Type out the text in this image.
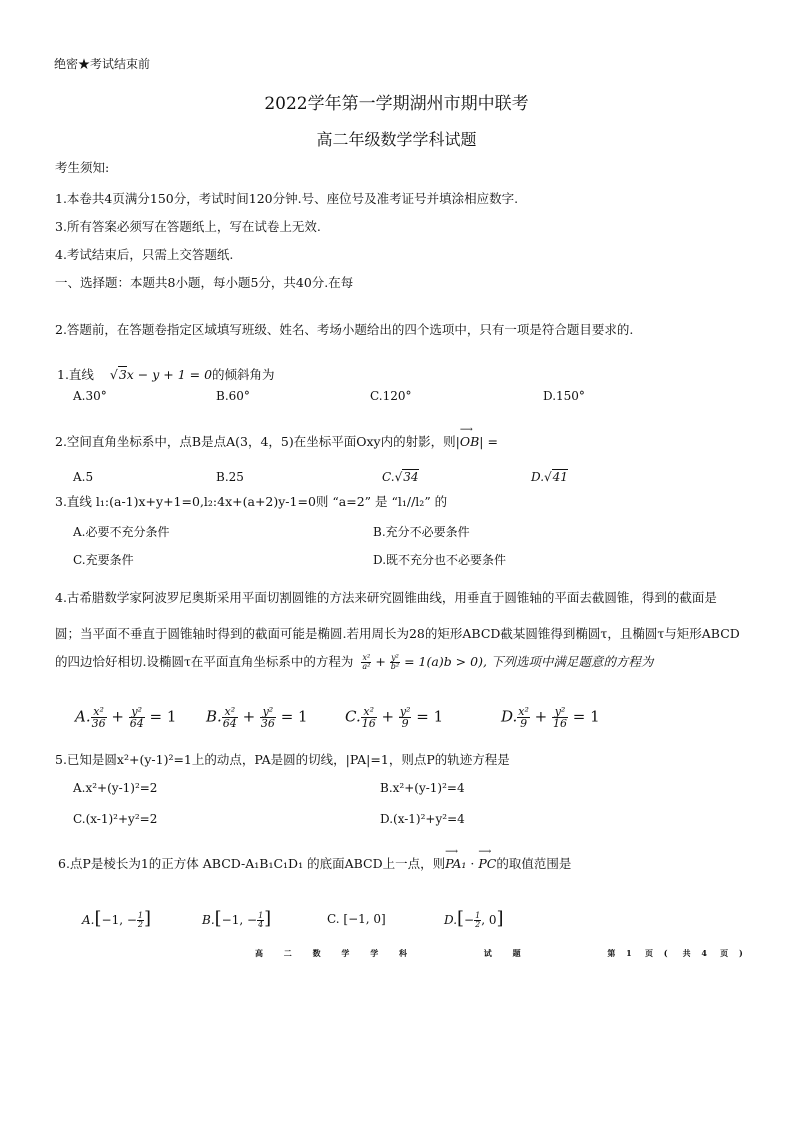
绝密★考试结束前
2022学年第一学期湖州市期中联考
高二年级数学学科试题
考生须知:
1.本卷共4页满分150分，考试时间120分钟.号、座位号及准考证号并填涂相应数字.
3.所有答案必须写在答题纸上，写在试卷上无效.
4.考试结束后，只需上交答题纸.
一、选择题：本题共8小题，每小题5分，共40分.在每
2.答题前，在答题卷指定区域填写班级、姓名、考场小题给出的四个选项中，只有一项是符合题目要求的.
1.直线 √3x − y + 1 = 0的倾斜角为
A.30°	B.60°	C.120°	D.150°
2.空间直角坐标系中，点B是点A(3，4，5)在坐标平面Oxy内的射影，则|
⟶
OB| =
A.5	B.25	C.√34	D.√41
3.直线 l₁:(a-1)x+y+1=0,l₂:4x+(a+2)y-1=0则 “a=2” 是 “l₁//l₂” 的
A.必要不充分条件	B.充分不必要条件
C.充要条件	D.既不充分也不必要条件
4.古希腊数学家阿波罗尼奥斯采用平面切割圆锥的方法来研究圆锥曲线，用垂直于圆锥轴的平面去截圆锥，得到的截面是
圆；当平面不垂直于圆锥轴时得到的截面可能是椭圆.若用周长为28的矩形ABCD截某圆锥得到椭圆τ，且椭圆τ与矩形ABCD
的四边恰好相切.设椭圆τ在平面直角坐标系中的方程为 $\frac{\text{x²}}{\text{a²}} + \frac{\text{y²}}{\text{b²}} = 1(a)b > 0$), 下列选项中满足题意的方程为
A. $\frac{\text{x²}}{36} + \frac{\text{y²}}{64} = 1$ B. $\frac{\text{x²}}{64} + \frac{\text{y²}}{36} = 1$ C. $\frac{\text{x²}}{16} + \frac{\text{y²}}{9} = 1$	D. $\frac{\text{x²}}{9} + \frac{\text{y²}}{16} = 1$
5.已知是圆x²+(y-1)²=1上的动点，PA是圆的切线，|PA|=1，则点P的轨迹方程是
A.x²+(y-1)²=2	B.x²+(y-1)²=4
C.(x-1)²+y²=2	D.(x-1)²+y²=4
6.点P是棱长为1的正方体 ABCD-A₁B₁C₁D₁ 的底面ABCD上一点，则
⟶
PA₁ ·
⟶
PC的取值范围是
A.[−1, − $\frac{1}{2}$ ]	B.[−1, − $\frac{1}{4}$ ]	C. [−1, 0]	$D.[- \frac{1}{2}$ , 0]
高	二	数	学	学	科	试	题	第 1 页 ( 共 4 页 )
